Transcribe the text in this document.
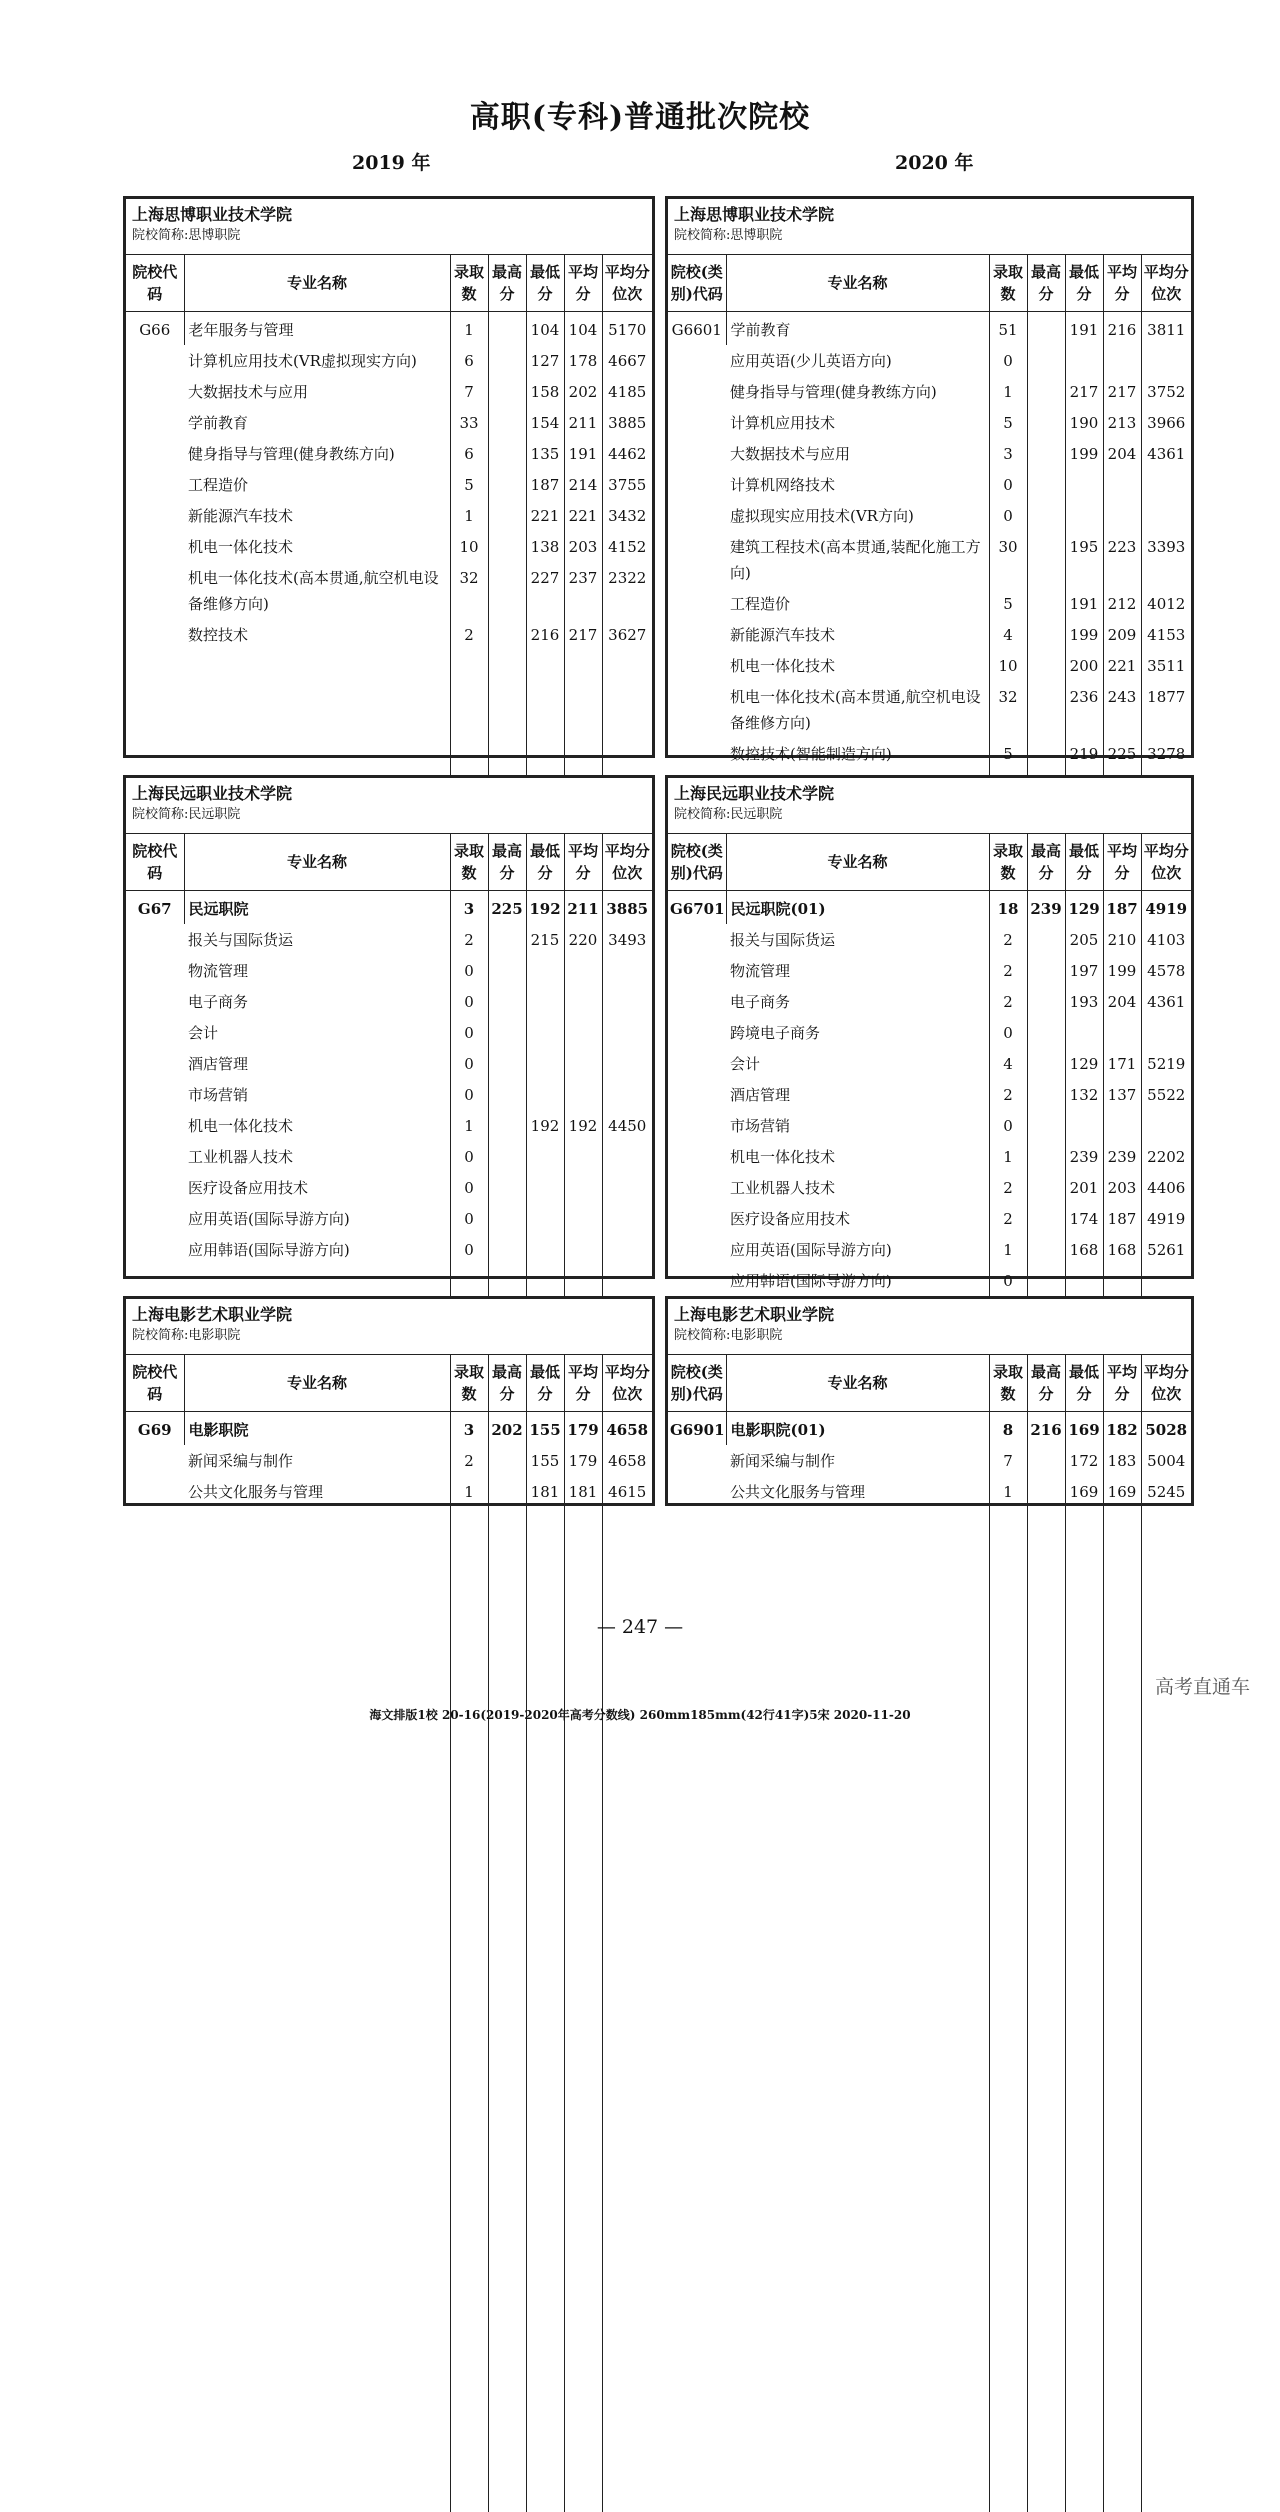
高职(专科)普通批次院校
2019 年	2020 年
上海思博职业技术学院
院校简称:思博职院
院校代码	专业名称	录取数	最高分	最低分	平均分	平均分位次
G66	老年服务与管理	1		104	104	5170
	计算机应用技术(VR虚拟现实方向)	6		127	178	4667
	大数据技术与应用	7		158	202	4185
	学前教育	33		154	211	3885
	健身指导与管理(健身教练方向)	6		135	191	4462
	工程造价	5		187	214	3755
	新能源汽车技术	1		221	221	3432
	机电一体化技术	10		138	203	4152
	机电一体化技术(高本贯通,航空机电设备维修方向)	32		227	237	2322
	数控技术	2		216	217	3627

上海思博职业技术学院
院校简称:思博职院
院校(类别)代码	专业名称	录取数	最高分	最低分	平均分	平均分位次
G6601	学前教育	51		191	216	3811
	应用英语(少儿英语方向)	0				
	健身指导与管理(健身教练方向)	1		217	217	3752
	计算机应用技术	5		190	213	3966
	大数据技术与应用	3		199	204	4361
	计算机网络技术	0				
	虚拟现实应用技术(VR方向)	0				
	建筑工程技术(高本贯通,装配化施工方向)	30		195	223	3393
	工程造价	5		191	212	4012
	新能源汽车技术	4		199	209	4153
	机电一体化技术	10		200	221	3511
	机电一体化技术(高本贯通,航空机电设备维修方向)	32		236	243	1877
	数控技术(智能制造方向)	5		219	225	3278

上海民远职业技术学院
院校简称:民远职院
院校代码	专业名称	录取数	最高分	最低分	平均分	平均分位次
G67	民远职院	3	225	192	211	3885
	报关与国际货运	2		215	220	3493
	物流管理	0				
	电子商务	0				
	会计	0				
	酒店管理	0				
	市场营销	0				
	机电一体化技术	1		192	192	4450
	工业机器人技术	0				
	医疗设备应用技术	0				
	应用英语(国际导游方向)	0				
	应用韩语(国际导游方向)	0				

上海民远职业技术学院
院校简称:民远职院
院校(类别)代码	专业名称	录取数	最高分	最低分	平均分	平均分位次
G6701	民远职院(01)	18	239	129	187	4919
	报关与国际货运	2		205	210	4103
	物流管理	2		197	199	4578
	电子商务	2		193	204	4361
	跨境电子商务	0				
	会计	4		129	171	5219
	酒店管理	2		132	137	5522
	市场营销	0				
	机电一体化技术	1		239	239	2202
	工业机器人技术	2		201	203	4406
	医疗设备应用技术	2		174	187	4919
	应用英语(国际导游方向)	1		168	168	5261
	应用韩语(国际导游方向)	0				

上海电影艺术职业学院
院校简称:电影职院
院校代码	专业名称	录取数	最高分	最低分	平均分	平均分位次
G69	电影职院	3	202	155	179	4658
	新闻采编与制作	2		155	179	4658
	公共文化服务与管理	1		181	181	4615

上海电影艺术职业学院
院校简称:电影职院
院校(类别)代码	专业名称	录取数	最高分	最低分	平均分	平均分位次
G6901	电影职院(01)	8	216	169	182	5028
	新闻采编与制作	7		172	183	5004
	公共文化服务与管理	1		169	169	5245

— 247 —
高考直通车
海文排版1校 20-16(2019-2020年高考分数线) 260mm185mm(42行41字)5宋 2020-11-20
